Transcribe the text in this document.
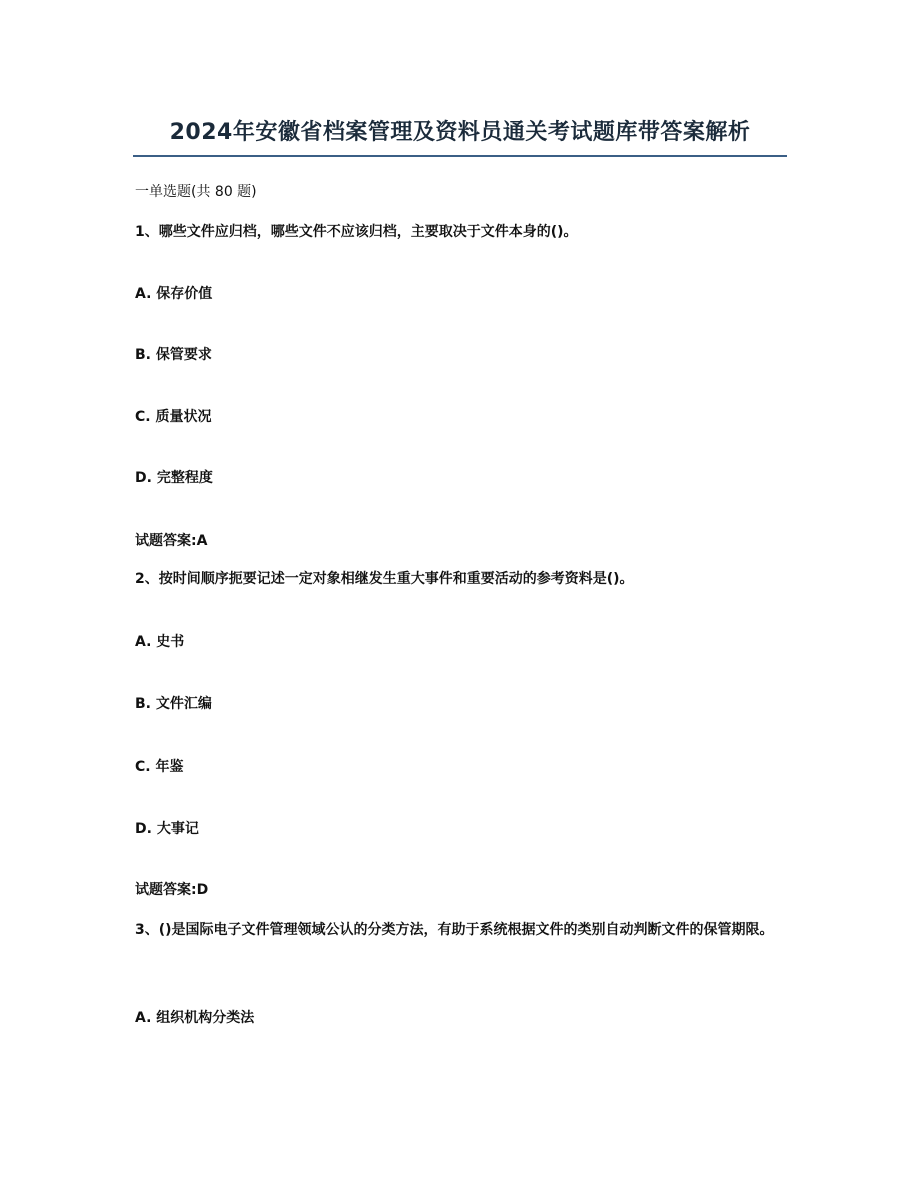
2024年安徽省档案管理及资料员通关考试题库带答案解析
一单选题(共 80 题)
1、哪些文件应归档，哪些文件不应该归档，主要取决于文件本身的()。
A. 保存价值
B. 保管要求
C. 质量状况
D. 完整程度
试题答案:A
2、按时间顺序扼要记述一定对象相继发生重大事件和重要活动的参考资料是()。
A. 史书
B. 文件汇编
C. 年鉴
D. 大事记
试题答案:D
3、()是国际电子文件管理领域公认的分类方法，有助于系统根据文件的类别自动判断文件的保管期限。
A. 组织机构分类法
